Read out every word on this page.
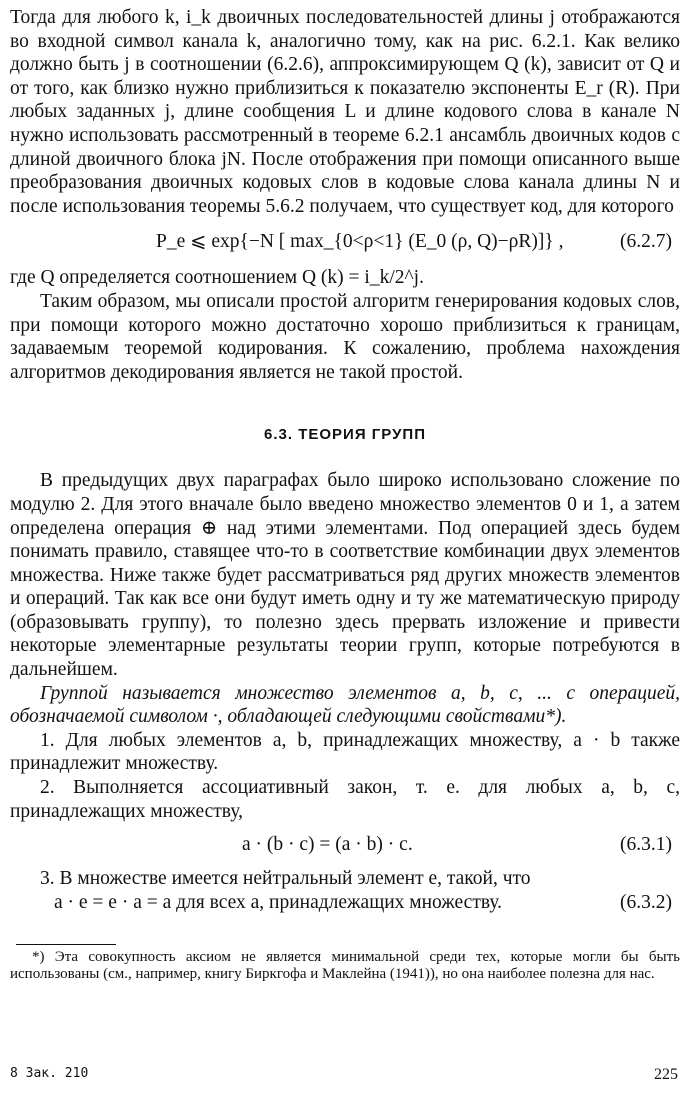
Тогда для любого k, i_k двоичных последовательностей длины j отображаются во входной символ канала k, аналогично тому, как на рис. 6.2.1. Как велико должно быть j в соотношении (6.2.6), аппроксимирующем Q (k), зависит от Q и от того, как близко нужно приблизиться к показателю экспоненты E_r (R). При любых заданных j, длине сообщения L и длине кодового слова в канале N нужно использовать рассмотренный в теореме 6.2.1 ансамбль двоичных кодов с длиной двоичного блока jN. После отображения при помощи описанного выше преобразования двоичных кодовых слов в кодовые слова канала длины N и после использования теоремы 5.6.2 получаем, что существует код, для которого

P_e ⩽ exp{−N [ max_{0<ρ<1} (E_0 (ρ, Q)−ρR)]} ,	(6.2.7)

где Q определяется соотношением Q (k) = i_k/2^j.

Таким образом, мы описали простой алгоритм генерирования кодовых слов, при помощи которого можно достаточно хорошо приблизиться к границам, задаваемым теоремой кодирования. К сожалению, проблема нахождения алгоритмов декодирования является не такой простой.

6.3. ТЕОРИЯ ГРУПП

В предыдущих двух параграфах было широко использовано сложение по модулю 2. Для этого вначале было введено множество элементов 0 и 1, а затем определена операция ⊕ над этими элементами. Под операцией здесь будем понимать правило, ставящее что-то в соответствие комбинации двух элементов множества. Ниже также будет рассматриваться ряд других множеств элементов и операций. Так как все они будут иметь одну и ту же математическую природу (образовывать группу), то полезно здесь прервать изложение и привести некоторые элементарные результаты теории групп, которые потребуются в дальнейшем.

Группой называется множество элементов a, b, c, ... с операцией, обозначаемой символом ·, обладающей следующими свойствами*).

1. Для любых элементов a, b, принадлежащих множеству, a · b также принадлежит множеству.

2. Выполняется ассоциативный закон, т. е. для любых a, b, c, принадлежащих множеству,

a · (b · c) = (a · b) · c.	(6.3.1)

3. В множестве имеется нейтральный элемент e, такой, что

a · e = e · a = a для всех a, принадлежащих множеству.	(6.3.2)

*) Эта совокупность аксиом не является минимальной среди тех, которые могли бы быть использованы (см., например, книгу Биркгофа и Маклейна (1941)), но она наиболее полезна для нас.

8 Зак. 210	225
